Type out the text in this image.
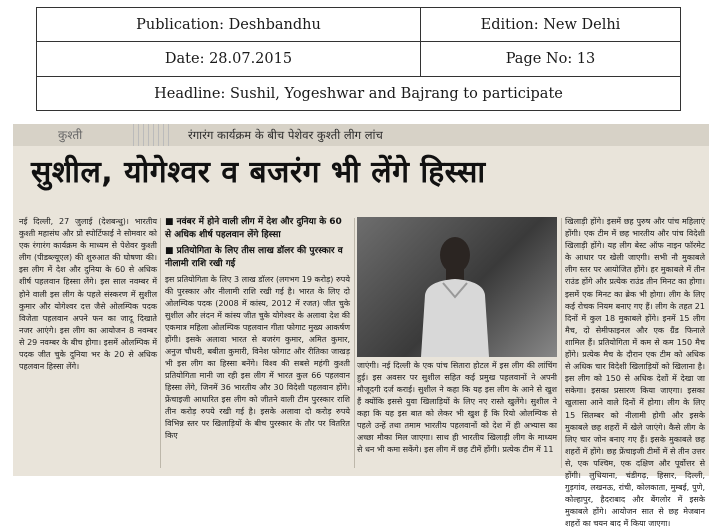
Publication: Deshbandhu	Edition: New Delhi
Date: 28.07.2015	Page No: 13
Headline: Sushil, Yogeshwar and Bajrang to participate
कुश्ती	रंगारंग कार्यक्रम के बीच पेशेवर कुश्ती लीग लांच
सुशील, योगेश्वर व बजरंग भी लेंगे हिस्सा

नई दिल्ली, 27 जुलाई (देशबन्धु)। भारतीय कुश्ती महासंघ और प्रो स्पोर्टिफाई ने सोमवार को एक रंगारंग कार्यक्रम के माध्यम से पेशेवर कुश्ती लीग (पीडब्ल्यूएल) की शुरुआत की घोषणा की। इस लीग में देश और दुनिया के 60 से अधिक शीर्ष पहलवान हिस्सा लेंगे। इस साल नवम्बर में होने वाली इस लीग के पहले संस्करण में सुशील कुमार और योगेश्वर दत्त जैसे ओलम्पिक पदक विजेता पहलवान अपने फन का जादू दिखाते नजर आएंगे। इस लीग का आयोजन 8 नवम्बर से 29 नवम्बर के बीच होगा। इसमें ओलम्पिक में पदक जीत चुके दुनिया भर के 20 से अधिक पहलवान हिस्सा लेंगे।

■ नवंबर में होने वाली लीग में देश और दुनिया के 60 से अधिक शीर्ष पहलवान लेंगे हिस्सा
■ प्रतियोगिता के लिए तीस लाख डॉलर की पुरस्कार व नीलामी राशि रखी गई

इस प्रतियोगिता के लिए 3 लाख डॉलर (लगभग 19 करोड़) रुपये की पुरस्कार और नीलामी राशि रखी गई है। भारत के लिए दो ओलम्पिक पदक (2008 में कांस्य, 2012 में रजत) जीत चुके सुशील और लंदन में कांस्य जीत चुके योगेश्वर के अलावा देश की एकमात्र महिला ओलम्पिक पहलवान गीता फोगाट मुख्य आकर्षण होंगी। इसके अलावा भारत से बजरंग कुमार, अमित कुमार, अनुज चौधरी, बबीता कुमारी, विनेश फोगाट और रीतिका जाखड़ भी इस लीग का हिस्सा बनेंगे। विश्व की सबसे महंगी कुश्ती प्रतियोगिता मानी जा रही इस लीग में भारत कुल 66 पहलवान हिस्सा लेंगे, जिनमें 36 भारतीय और 30 विदेशी पहलवान होंगे। फ्रेंचाइजी आधारित इस लीग को जीतने वाली टीम पुरस्कार राशि तीन करोड़ रुपये रखी गई है। इसके अलावा दो करोड़ रुपये विभिन्न स्तर पर खिलाड़ियों के बीच पुरस्कार के तौर पर वितरित किए

जाएंगी। नई दिल्ली के एक पांच सितारा होटल में इस लीग की लांचिंग हुई। इस अवसर पर सुशील सहित कई प्रमुख पहलवानों ने अपनी मौजूदगी दर्ज कराई। सुशील ने कहा कि यह इस लीग के आने से खुश हैं क्योंकि इससे युवा खिलाड़ियों के लिए नए रास्ते खुलेंगे। सुशील ने कहा कि यह इस बात को लेकर भी खुश हैं कि रियो ओलम्पिक से पहले उन्हें तथा तमाम भारतीय पहलवानों को देश में ही अभ्यास का अच्छा मौका मिल जाएगा। साथ ही भारतीय खिलाड़ी लीग के माध्यम से धन भी कमा सकेंगे। इस लीग में छह टीमें होंगी। प्रत्येक टीम में 11

खिलाड़ी होंगे। इसमें छह पुरुष और पांच महिलाएं होंगी। एक टीम में छह भारतीय और पांच विदेशी खिलाड़ी होंगे। यह लीग बेस्ट ऑफ नाइन फॉरमेट के आधार पर खेली जाएगी। सभी नौ मुकाबले लीग स्तर पर आयोजित होंगे। हर मुकाबले में तीन राउंड होंगे और प्रत्येक राउंड तीन मिनट का होगा। इसमें एक मिनट का ब्रेक भी होगा। लीग के लिए कई रोचक नियम बनाए गए हैं। लीग के तहत 21 दिनों में कुल 18 मुकाबले होंगे। इनमें 15 लीग मैच, दो सेमीफाइनल और एक ग्रैंड फिनाले शामिल हैं। प्रतियोगिता में कम से कम 150 मैच होंगे। प्रत्येक मैच के दौरान एक टीम को अधिक से अधिक चार विदेशी खिलाड़ियों को खिलाना है। इस लीग को 150 से अधिक देशों में देखा जा सकेगा। इसका प्रसारण किया जाएगा। इसका खुलासा आने वाले दिनों में होगा। लीग के लिए 15 सितम्बर को नीलामी होगी और इसके मुकाबले छह शहरों में खेले जाएंगे। कैसे लीग के लिए चार जोन बनाए गए हैं। इसके मुकाबले छह शहरों में होंगे। छह फ्रेंचाइजी टीमों में से तीन उत्तर से, एक पश्चिम, एक दक्षिण और पूर्वोत्तर से होंगी। लुधियाना, चंडीगढ़, हिसार, दिल्ली, गुड़गांव, लखनऊ, रांची, कोलकाता, मुम्बई, पुणे, कोल्हापुर, हैदराबाद और बेंगलोर में इसके मुकाबले होंगे। आयोजन सात से छह मेजबान शहरों का चयन बाद में किया जाएगा।
